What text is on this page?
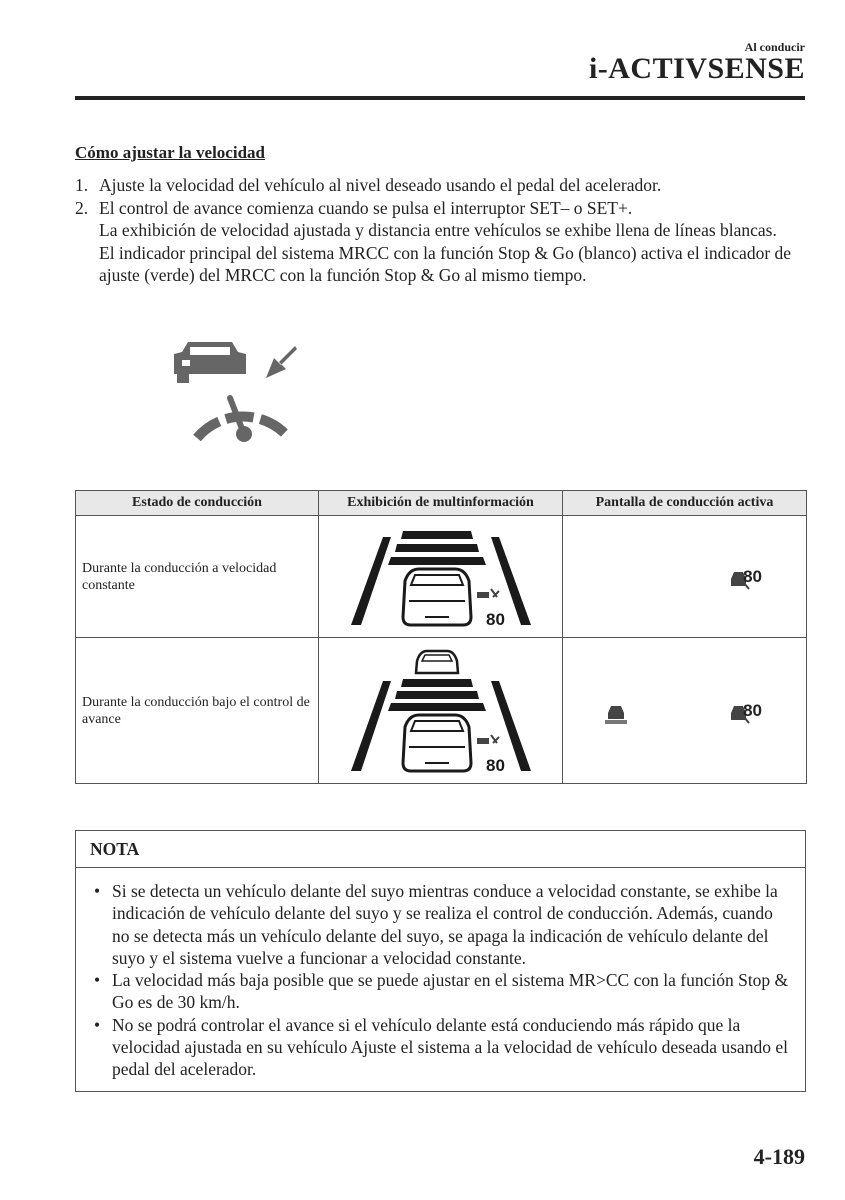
Al conducir
i-ACTIVSENSE
Cómo ajustar la velocidad
1. Ajuste la velocidad del vehículo al nivel deseado usando el pedal del acelerador.
2. El control de avance comienza cuando se pulsa el interruptor SET– o SET+.
La exhibición de velocidad ajustada y distancia entre vehículos se exhibe llena de líneas blancas. El indicador principal del sistema MRCC con la función Stop & Go (blanco) activa el indicador de ajuste (verde) del MRCC con la función Stop & Go al mismo tiempo.
Estado de conducción	Exhibición de multinformación	Pantalla de conducción activa

Durante la conducción a velocidad constante	80	80

Durante la conducción bajo el control de avance	80	80
NOTA
• Si se detecta un vehículo delante del suyo mientras conduce a velocidad constante, se exhibe la indicación de vehículo delante del suyo y se realiza el control de conducción. Además, cuando no se detecta más un vehículo delante del suyo, se apaga la indicación de vehículo delante del suyo y el sistema vuelve a funcionar a velocidad constante.
• La velocidad más baja posible que se puede ajustar en el sistema MR>CC con la función Stop & Go es de 30 km/h.
• No se podrá controlar el avance si el vehículo delante está conduciendo más rápido que la velocidad ajustada en su vehículo Ajuste el sistema a la velocidad de vehículo deseada usando el pedal del acelerador.
4-189
